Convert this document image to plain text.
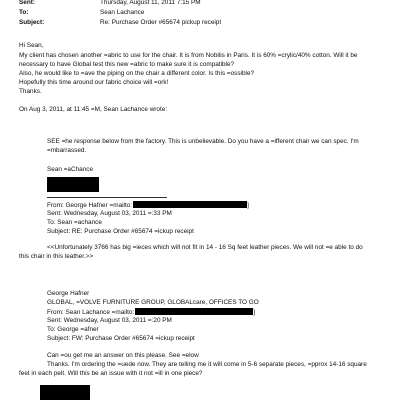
Sent:	Thursday, August 11, 2011 7:15 PM
To:	Sean Lachance
Subject:	Re: Purchase Order #65674 pickup receipt
Hi Sean,
My client has chosen another =abric to use for the chair. It is from Nobilis in Paris. It is 60% =crylic/40% cotton. Will it be
necessary to have Global test this new =abric to make sure it is compatible?
Also, he would like to =ave the piping on the chair a different color. Is this =ossible?
Hopefully this time around our fabric choice will =ork!
Thanks.
On Aug 3, 2011, at 11:45 =M, Sean Lachance wrote:
SEE =he response below from the factory. This is unbelievable. Do you have a =ifferent chair we can spec. I'm
=mbarrassed.
Sean =aChance
From: George Hafner =mailto:	]
Sent: Wednesday, August 03, 2011 =:33 PM
To: Sean =achance
Subject: RE: Purchase Order #65674 =ickup receipt
<<Unfortunately 3766 has big =ieces which will not fit in 14 - 16 Sq feet leather pieces. We will not =e able to do
this chair in this leather.>>
George Hafner
GLOBAL, =VOLVE FURNITURE GROUP, GLOBALcare, OFFICES TO GO
From: Sean Lachance =mailto:	]
Sent: Wednesday, August 03, 2011 =:20 PM
To: George =afner
Subject: FW: Purchase Order #65674 =ickup receipt
Can =ou get me an answer on this please. See =elow
Thanks. I'm ordering the =uede now. They are telling me it will come in 5-6 separate pieces, =pprox 14-16 square
feet in each pelt. Will this be an issue with it not =ill in one piece?
